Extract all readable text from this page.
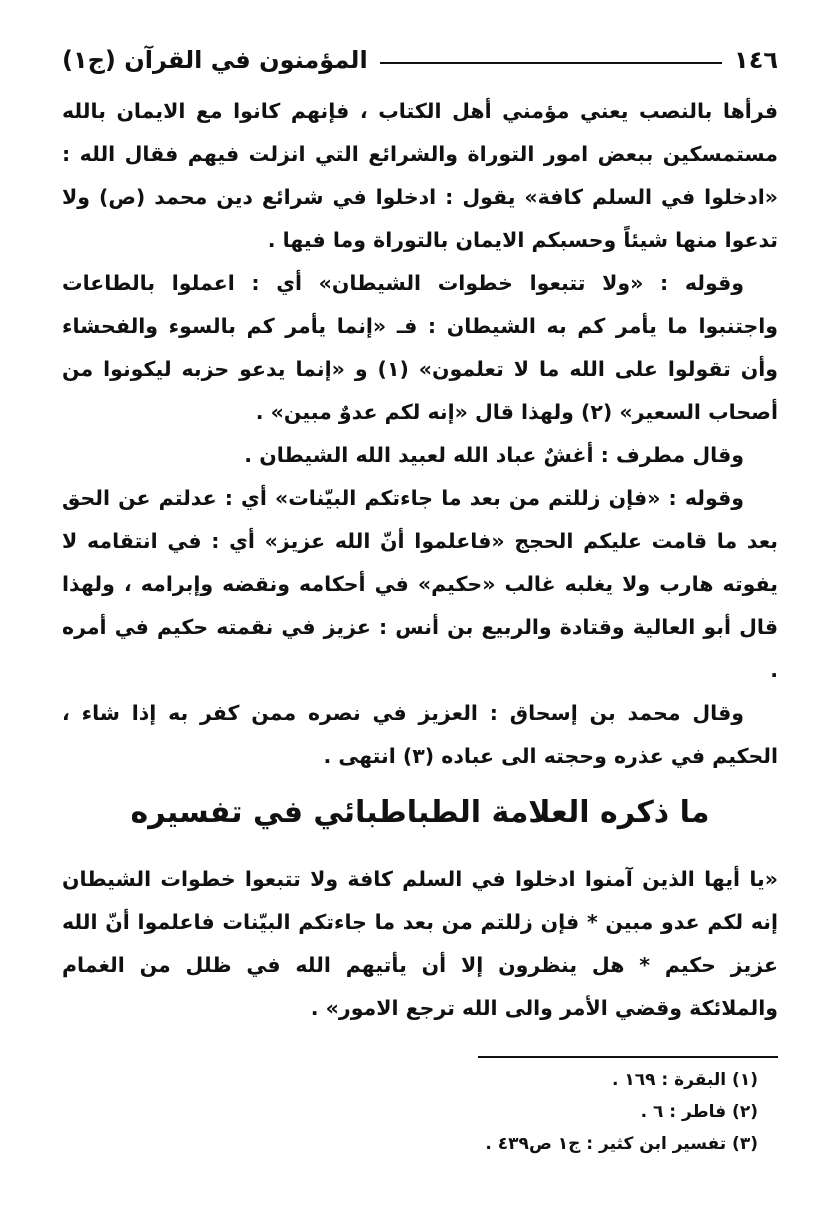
١٤٦
المؤمنون في القرآن (ج١)

فرأها بالنصب يعني مؤمني أهل الكتاب ، فإنهم كانوا مع الايمان بالله مستمسكين ببعض امور التوراة والشرائع التي انزلت فيهم فقال الله : «ادخلوا في السلم كافة» يقول : ادخلوا في شرائع دين محمد (ص) ولا تدعوا منها شيئاً وحسبكم الايمان بالتوراة وما فيها .

وقوله : «ولا تتبعوا خطوات الشيطان» أي : اعملوا بالطاعات واجتنبوا ما يأمر كم به الشيطان : فـ «إنما يأمر كم بالسوء والفحشاء وأن تقولوا على الله ما لا تعلمون» (١) و «إنما يدعو حزبه ليكونوا من أصحاب السعير» (٢) ولهذا قال «إنه لكم عدوٌ مبين» .

وقال مطرف : أغشٌ عباد الله لعبيد الله الشيطان .

وقوله : «فإن زللتم من بعد ما جاءتكم البيّنات» أي : عدلتم عن الحق بعد ما قامت عليكم الحجج «فاعلموا أنّ الله عزيز» أي : في انتقامه لا يفوته هارب ولا يغلبه غالب «حكيم» في أحكامه ونقضه وإبرامه ، ولهذا قال أبو العالية وقتادة والربيع بن أنس : عزيز في نقمته حكيم في أمره .

وقال محمد بن إسحاق : العزيز في نصره ممن كفر به إذا شاء ، الحكيم في عذره وحجته الى عباده (٣) انتهى .

ما ذكره العلامة الطباطبائي في تفسيره

«يا أيها الذين آمنوا ادخلوا في السلم كافة ولا تتبعوا خطوات الشيطان إنه لكم عدو مبين * فإن زللتم من بعد ما جاءتكم البيّنات فاعلموا أنّ الله عزيز حكيم * هل ينظرون إلا أن يأتيهم الله في ظلل من الغمام والملائكة وقضي الأمر والى الله ترجع الامور» .

(١) البقرة : ١٦٩ .

(٢) فاطر : ٦ .

(٣) تفسير ابن كثير : ج١ ص٤٣٩ .
